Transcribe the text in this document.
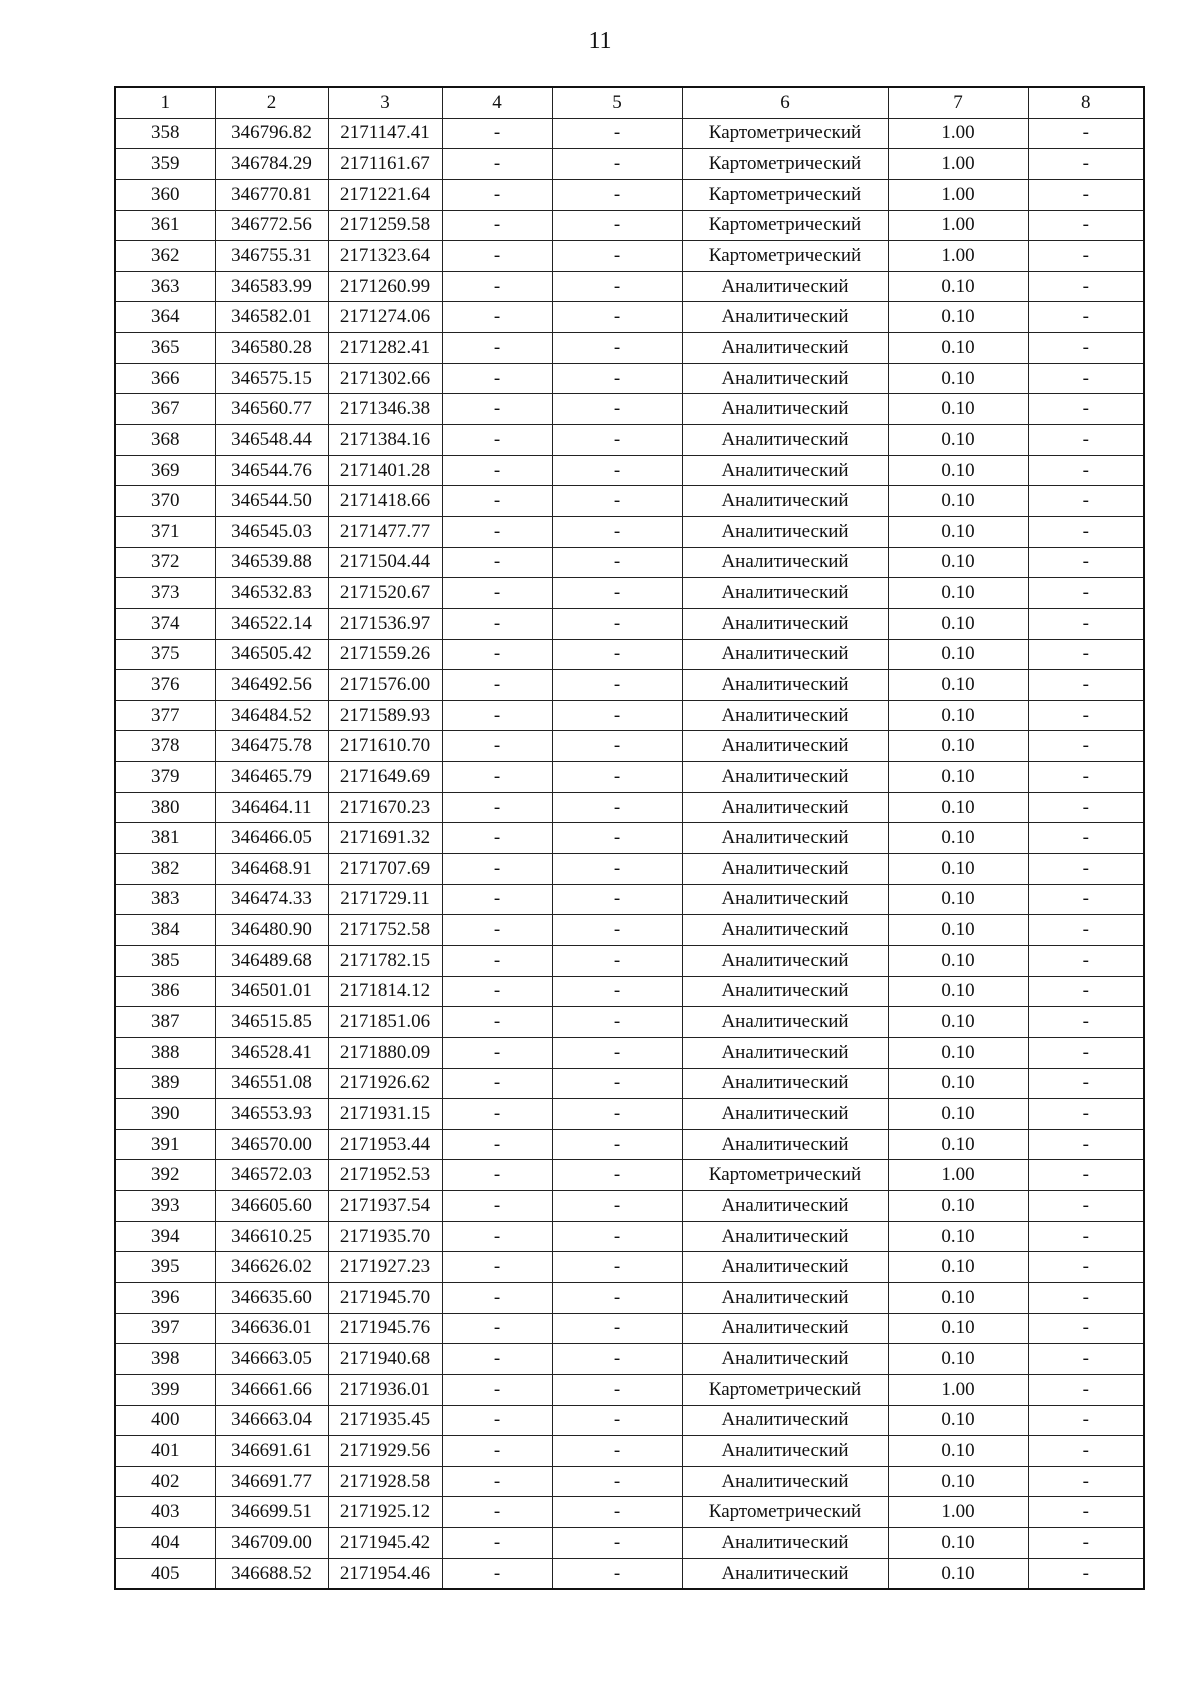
11
1	2	3	4	5	6	7	8
358	346796.82	2171147.41	-	-	Картометрический	1.00	-
359	346784.29	2171161.67	-	-	Картометрический	1.00	-
360	346770.81	2171221.64	-	-	Картометрический	1.00	-
361	346772.56	2171259.58	-	-	Картометрический	1.00	-
362	346755.31	2171323.64	-	-	Картометрический	1.00	-
363	346583.99	2171260.99	-	-	Аналитический	0.10	-
364	346582.01	2171274.06	-	-	Аналитический	0.10	-
365	346580.28	2171282.41	-	-	Аналитический	0.10	-
366	346575.15	2171302.66	-	-	Аналитический	0.10	-
367	346560.77	2171346.38	-	-	Аналитический	0.10	-
368	346548.44	2171384.16	-	-	Аналитический	0.10	-
369	346544.76	2171401.28	-	-	Аналитический	0.10	-
370	346544.50	2171418.66	-	-	Аналитический	0.10	-
371	346545.03	2171477.77	-	-	Аналитический	0.10	-
372	346539.88	2171504.44	-	-	Аналитический	0.10	-
373	346532.83	2171520.67	-	-	Аналитический	0.10	-
374	346522.14	2171536.97	-	-	Аналитический	0.10	-
375	346505.42	2171559.26	-	-	Аналитический	0.10	-
376	346492.56	2171576.00	-	-	Аналитический	0.10	-
377	346484.52	2171589.93	-	-	Аналитический	0.10	-
378	346475.78	2171610.70	-	-	Аналитический	0.10	-
379	346465.79	2171649.69	-	-	Аналитический	0.10	-
380	346464.11	2171670.23	-	-	Аналитический	0.10	-
381	346466.05	2171691.32	-	-	Аналитический	0.10	-
382	346468.91	2171707.69	-	-	Аналитический	0.10	-
383	346474.33	2171729.11	-	-	Аналитический	0.10	-
384	346480.90	2171752.58	-	-	Аналитический	0.10	-
385	346489.68	2171782.15	-	-	Аналитический	0.10	-
386	346501.01	2171814.12	-	-	Аналитический	0.10	-
387	346515.85	2171851.06	-	-	Аналитический	0.10	-
388	346528.41	2171880.09	-	-	Аналитический	0.10	-
389	346551.08	2171926.62	-	-	Аналитический	0.10	-
390	346553.93	2171931.15	-	-	Аналитический	0.10	-
391	346570.00	2171953.44	-	-	Аналитический	0.10	-
392	346572.03	2171952.53	-	-	Картометрический	1.00	-
393	346605.60	2171937.54	-	-	Аналитический	0.10	-
394	346610.25	2171935.70	-	-	Аналитический	0.10	-
395	346626.02	2171927.23	-	-	Аналитический	0.10	-
396	346635.60	2171945.70	-	-	Аналитический	0.10	-
397	346636.01	2171945.76	-	-	Аналитический	0.10	-
398	346663.05	2171940.68	-	-	Аналитический	0.10	-
399	346661.66	2171936.01	-	-	Картометрический	1.00	-
400	346663.04	2171935.45	-	-	Аналитический	0.10	-
401	346691.61	2171929.56	-	-	Аналитический	0.10	-
402	346691.77	2171928.58	-	-	Аналитический	0.10	-
403	346699.51	2171925.12	-	-	Картометрический	1.00	-
404	346709.00	2171945.42	-	-	Аналитический	0.10	-
405	346688.52	2171954.46	-	-	Аналитический	0.10	-
